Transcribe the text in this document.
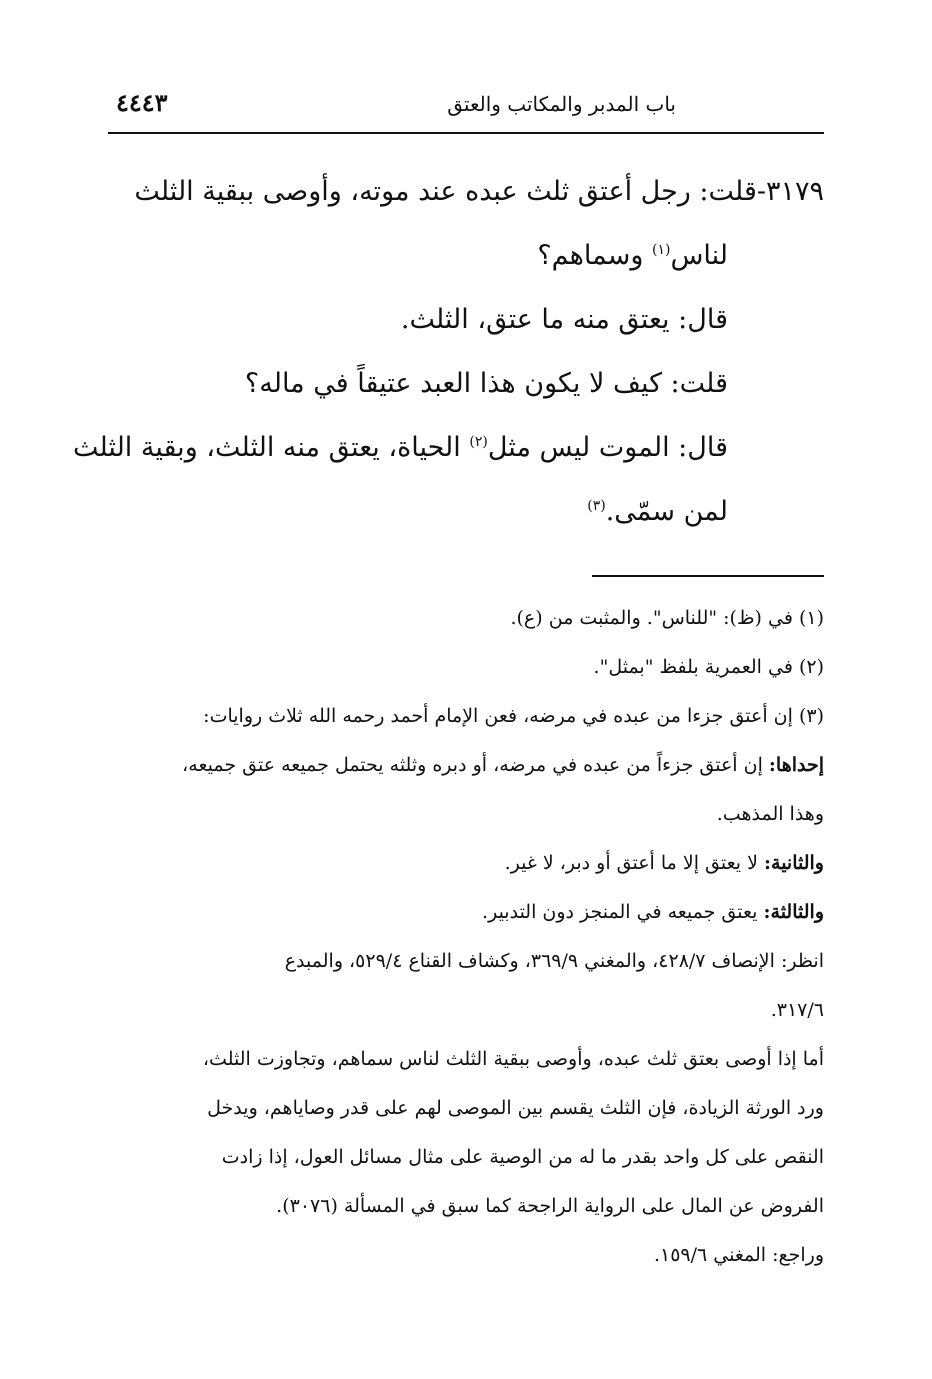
باب المدبر والمكاتب والعتق
٤٤٤٣

٣١٧٩-قلت: رجل أعتق ثلث عبده عند موته، وأوصى ببقية الثلث

لناس$^{(١)}$ وسماهم؟

قال: يعتق منه ما عتق، الثلث.

قلت: كيف لا يكون هذا العبد عتيقاً في ماله؟

قال: الموت ليس مثل$^{(٢)}$ الحياة، يعتق منه الثلث، وبقية الثلث

لمن سمّى.$^{(٣)}$

(١) في (ظ): "للناس". والمثبت من (ع).

(٢) في العمرية بلفظ "بمثل".

(٣) إن أعتق جزءا من عبده في مرضه، فعن الإمام أحمد رحمه الله ثلاث روايات:

إحداها: إن أعتق جزءاً من عبده في مرضه، أو دبره وثلثه يحتمل جميعه عتق جميعه،

وهذا المذهب.

والثانية: لا يعتق إلا ما أعتق أو دبر، لا غير.

والثالثة: يعتق جميعه في المنجز دون التدبير.

انظر: الإنصاف ٤٢٨/٧، والمغني ٣٦٩/٩، وكشاف القناع ٥٢٩/٤، والمبدع

٣١٧/٦.

أما إذا أوصى بعتق ثلث عبده، وأوصى ببقية الثلث لناس سماهم، وتجاوزت الثلث،

ورد الورثة الزيادة، فإن الثلث يقسم بين الموصى لهم على قدر وصاياهم، ويدخل

النقص على كل واحد بقدر ما له من الوصية على مثال مسائل العول، إذا زادت

الفروض عن المال على الرواية الراجحة كما سبق في المسألة (٣٠٧٦).

وراجع: المغني ١٥٩/٦.
